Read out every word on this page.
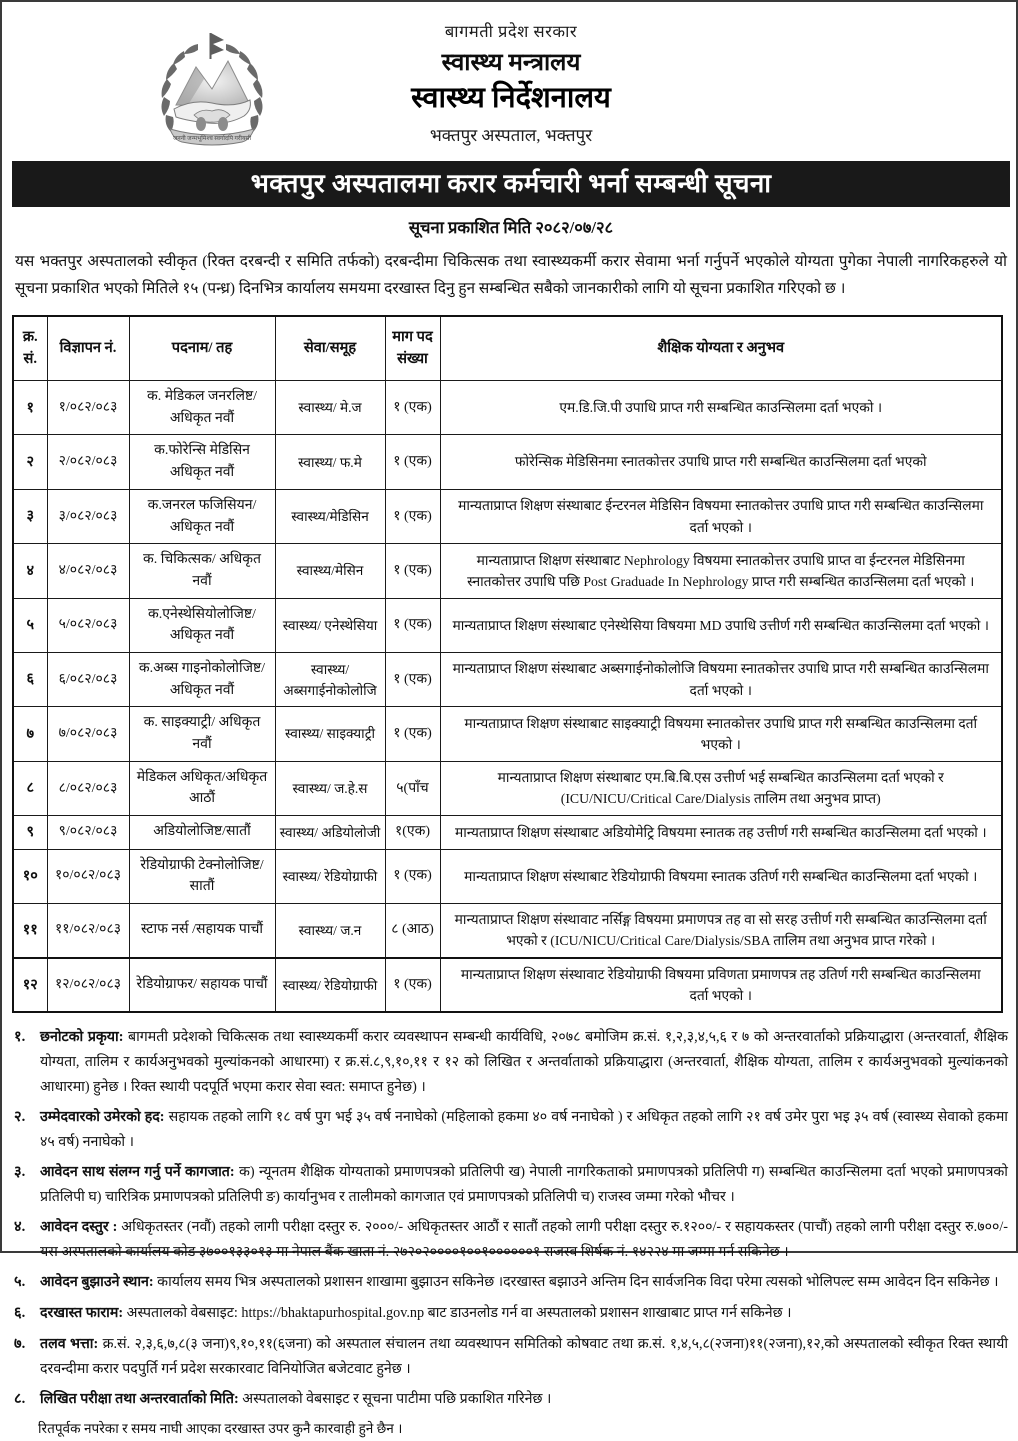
जननी जन्मभूमिश्च स्वर्गादपि गरीयसी
बागमती प्रदेश सरकार
स्वास्थ्य मन्त्रालय
स्वास्थ्य निर्देशनालय
भक्तपुर अस्पताल, भक्तपुर
भक्तपुर अस्पतालमा करार कर्मचारी भर्ना सम्बन्धी सूचना
सूचना प्रकाशित मिति २०८२/०७/२८
यस भक्तपुर अस्पतालको स्वीकृत (रिक्त दरबन्दी र समिति तर्फको) दरबन्दीमा चिकित्सक तथा स्वास्थ्यकर्मी करार सेवामा भर्ना गर्नुपर्ने भएकोले योग्यता पुगेका नेपाली नागरिकहरुले यो सूचना प्रकाशित भएको मितिले १५ (पन्ध्र) दिनभित्र कार्यालय समयमा दरखास्त दिनु हुन सम्बन्धित सबैको जानकारीको लागि यो सूचना प्रकाशित गरिएको छ ।
क्र. सं.	विज्ञापन नं.	पदनाम/ तह	सेवा/समूह	माग पद संख्या	शैक्षिक योग्यता र अनुभव
१	१/०८२/०८३	क. मेडिकल जनरलिष्ट/अधिकृत नवौं	स्वास्थ्य/ मे.ज	१ (एक)	एम.डि.जि.पी उपाधि प्राप्त गरी सम्बन्धित काउन्सिलमा दर्ता भएको ।
२	२/०८२/०८३	क.फोरेन्सि मेडिसिन अधिकृत नवौं	स्वास्थ्य/ फ.मे	१ (एक)	फोरेन्सिक मेडिसिनमा स्नातकोत्तर उपाधि प्राप्त गरी सम्बन्धित काउन्सिलमा दर्ता भएको
३	३/०८२/०८३	क.जनरल फजिसियन/अधिकृत नवौं	स्वास्थ्य/मेडिसिन	१ (एक)	मान्यताप्राप्त शिक्षण संस्थाबाट ईन्टरनल मेडिसिन विषयमा स्नातकोत्तर उपाधि प्राप्त गरी सम्बन्धित काउन्सिलमा दर्ता भएको ।
४	४/०८२/०८३	क. चिकित्सक/ अधिकृत नवौं	स्वास्थ्य/मेसिन	१ (एक)	मान्यताप्राप्त शिक्षण संस्थाबाट Nephrology विषयमा स्नातकोत्तर उपाधि प्राप्त वा ईन्टरनल मेडिसिनमा स्नातकोत्तर उपाधि पछि Post Graduade In Nephrology प्राप्त गरी सम्बन्धित काउन्सिलमा दर्ता भएको ।
५	५/०८२/०८३	क.एनेस्थेसियोलोजिष्ट/ अधिकृत नवौं	स्वास्थ्य/ एनेस्थेसिया	१ (एक)	मान्यताप्राप्त शिक्षण संस्थाबाट एनेस्थेसिया विषयमा MD उपाधि उत्तीर्ण गरी सम्बन्धित काउन्सिलमा दर्ता भएको ।
६	६/०८२/०८३	क.अब्स गाइनोकोलोजिष्ट/ अधिकृत नवौं	स्वास्थ्य/ अब्सगाईनोकोलोजि	१ (एक)	मान्यताप्राप्त शिक्षण संस्थाबाट अब्सगाईनोकोलोजि विषयमा स्नातकोत्तर उपाधि प्राप्त गरी सम्बन्धित काउन्सिलमा दर्ता भएको ।
७	७/०८२/०८३	क. साइक्याट्री/ अधिकृत नवौं	स्वास्थ्य/ साइक्याट्री	१ (एक)	मान्यताप्राप्त शिक्षण संस्थाबाट साइक्याट्री विषयमा स्नातकोत्तर उपाधि प्राप्त गरी सम्बन्धित काउन्सिलमा दर्ता भएको ।
८	८/०८२/०८३	मेडिकल अधिकृत/अधिकृत आठौं	स्वास्थ्य/ ज.हे.स	५(पाँच	मान्यताप्राप्त शिक्षण संस्थाबाट एम.बि.बि.एस उत्तीर्ण भई सम्बन्धित काउन्सिलमा दर्ता भएको र (ICU/NICU/Critical Care/Dialysis तालिम तथा अनुभव प्राप्त)
९	९/०८२/०८३	अडियोलोजिष्ट/सातौं	स्वास्थ्य/ अडियोलोजी	१(एक)	मान्यताप्राप्त शिक्षण संस्थाबाट अडियोमेट्रि विषयमा स्नातक तह उत्तीर्ण गरी सम्बन्धित काउन्सिलमा दर्ता भएको ।
१०	१०/०८२/०८३	रेडियोग्राफी टेक्नोलोजिष्ट/सातौं	स्वास्थ्य/ रेडियोग्राफी	१ (एक)	मान्यताप्राप्त शिक्षण संस्थाबाट रेडियोग्राफी विषयमा स्नातक उतिर्ण गरी सम्बन्धित काउन्सिलमा दर्ता भएको ।
११	११/०८२/०८३	स्टाफ नर्स /सहायक पाचौं	स्वास्थ्य/ ज.न	८ (आठ)	मान्यताप्राप्त शिक्षण संस्थावाट नर्सिङ्ग विषयमा प्रमाणपत्र तह वा सो सरह उत्तीर्ण गरी सम्बन्धित काउन्सिलमा दर्ता भएको र (ICU/NICU/Critical Care/Dialysis/SBA तालिम तथा अनुभव प्राप्त गरेको ।
१२	१२/०८२/०८३	रेडियोग्राफर/ सहायक पाचौं	स्वास्थ्य/ रेडियोग्राफी	१ (एक)	मान्यताप्राप्त शिक्षण संस्थावाट रेडियोग्राफी विषयमा प्रविणता प्रमाणपत्र तह उतिर्ण गरी सम्बन्धित काउन्सिलमा दर्ता भएको ।
१.	छनोटको प्रकृया: बागमती प्रदेशको चिकित्सक तथा स्वास्थ्यकर्मी करार व्यवस्थापन सम्बन्धी कार्यविधि, २०७८ बमोजिम क्र.सं. १,२,३,४,५,६ र ७ को अन्तरवार्ताको प्रक्रियाद्धारा (अन्तरवार्ता, शैक्षिक योग्यता, तालिम र कार्यअनुभवको मुल्यांकनको आधारमा) र क्र.सं.८,९,१०,११ र १२ को लिखित र अन्तर्वाताको प्रक्रियाद्धारा (अन्तरवार्ता, शैक्षिक योग्यता, तालिम र कार्यअनुभवको मुल्यांकनको आधारमा) हुनेछ । रिक्त स्थायी पदपूर्ति भएमा करार सेवा स्वत: समाप्त हुनेछ) ।
२.	उम्मेदवारको उमेरको हद: सहायक तहको लागि १८ वर्ष पुग भई ३५ वर्ष ननाघेको (महिलाको हकमा ४० वर्ष ननाघेको ) र अधिकृत तहको लागि २१ वर्ष उमेर पुरा भइ ३५ वर्ष (स्वास्थ्य सेवाको हकमा ४५ वर्ष) ननाघेको ।
३.	आवेदन साथ संलग्न गर्नु पर्ने कागजात: क) न्यूनतम शैक्षिक योग्यताको प्रमाणपत्रको प्रतिलिपी ख) नेपाली नागरिकताको प्रमाणपत्रको प्रतिलिपी ग) सम्बन्धित काउन्सिलमा दर्ता भएको प्रमाणपत्रको प्रतिलिपी घ) चारित्रिक प्रमाणपत्रको प्रतिलिपी ङ) कार्यानुभव र तालीमको कागजात एवं प्रमाणपत्रको प्रतिलिपी च) राजस्व जम्मा गरेको भौचर ।
४.	आवेदन दस्तुर : अधिकृतस्तर (नवौं) तहको लागी परीक्षा दस्तुर रु. २०००/- अधिकृतस्तर आठौं र सातौं तहको लागी परीक्षा दस्तुर रु.१२००/- र सहायकस्तर (पाचौं) तहको लागी परीक्षा दस्तुर रु.७००/- यस अस्पतालको कार्यालय कोड ३७००१३३०१३ मा नेपाल बैंक खाता नं. २७२०२००००१००१००००००१ राजस्व शिर्षक नं. १४२२४ मा जम्मा गर्न सकिनेछ ।
५.	आवेदन बुझाउने स्थान: कार्यालय समय भित्र अस्पतालको प्रशासन शाखामा बुझाउन सकिनेछ ।दरखास्त बझाउने अन्तिम दिन सार्वजनिक विदा परेमा त्यसको भोलिपल्ट सम्म आवेदन दिन सकिनेछ ।
६.	दरखास्त फाराम: अस्पतालको वेबसाइट: https://bhaktapurhospital.gov.np बाट डाउनलोड गर्न वा अस्पतालको प्रशासन शाखाबाट प्राप्त गर्न सकिनेछ ।
७.	तलव भत्ता: क्र.सं. २,३,६,७,८(३ जना)९,१०,११(६जना) को अस्पताल संचालन तथा व्यवस्थापन समितिको कोषवाट तथा क्र.सं. १,४,५,८(२जना)११(२जना),१२,को अस्पतालको स्वीकृत रिक्त स्थायी दरवन्दीमा करार पदपुर्ति गर्न प्रदेश सरकारवाट विनियोजित बजेटवाट हुनेछ ।
८.	लिखित परीक्षा तथा अन्तरवार्ताको मिति: अस्पतालको वेबसाइट र सूचना पाटीमा पछि प्रकाशित गरिनेछ ।
रितपूर्वक नपरेका र समय नाघी आएका दरखास्त उपर कुनै कारवाही हुने छैन ।
